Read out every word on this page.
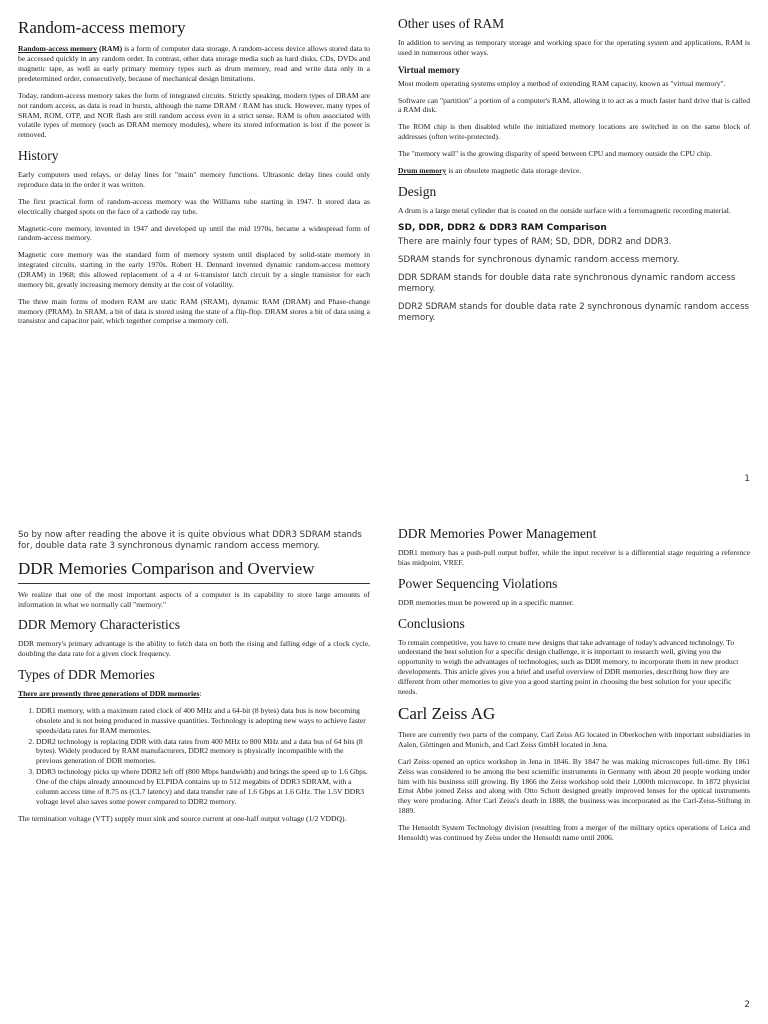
Random-access memory

Random-access memory (RAM) is a form of computer data storage. A random-access device allows stored data to be accessed quickly in any random order. In contrast, other data storage media such as hard disks, CDs, DVDs and magnetic tape, as well as early primary memory types such as drum memory, read and write data only in a predetermined order, consecutively, because of mechanical design limitations.

Today, random-access memory takes the form of integrated circuits. Strictly speaking, modern types of DRAM are not random access, as data is read in bursts, although the name DRAM / RAM has stuck. However, many types of SRAM, ROM, OTP, and NOR flash are still random access even in a strict sense. RAM is often associated with volatile types of memory (such as DRAM memory modules), where its stored information is lost if the power is removed.

History

Early computers used relays, or delay lines for "main" memory functions. Ultrasonic delay lines could only reproduce data in the order it was written.

The first practical form of random-access memory was the Williams tube starting in 1947. It stored data as electrically charged spots on the face of a cathode ray tube.

Magnetic-core memory, invented in 1947 and developed up until the mid 1970s, became a widespread form of random-access memory.

Magnetic core memory was the standard form of memory system until displaced by solid-state memory in integrated circuits, starting in the early 1970s. Robert H. Dennard invented dynamic random-access memory (DRAM) in 1968; this allowed replacement of a 4 or 6-transistor latch circuit by a single transistor for each memory bit, greatly increasing memory density at the cost of volatility.

The three main forms of modern RAM are static RAM (SRAM), dynamic RAM (DRAM) and Phase-change memory (PRAM). In SRAM, a bit of data is stored using the state of a flip-flop. DRAM stores a bit of data using a transistor and capacitor pair, which together comprise a memory cell.

Other uses of RAM

In addition to serving as temporary storage and working space for the operating system and applications, RAM is used in numerous other ways.

Virtual memory

Most modern operating systems employ a method of extending RAM capacity, known as "virtual memory".

Software can "partition" a portion of a computer's RAM, allowing it to act as a much faster hard drive that is called a RAM disk.

The ROM chip is then disabled while the initialized memory locations are switched in on the same block of addresses (often write-protected).

The "memory wall" is the growing disparity of speed between CPU and memory outside the CPU chip.

Drum memory is an obsolete magnetic data storage device.

Design

A drum is a large metal cylinder that is coated on the outside surface with a ferromagnetic recording material.

SD, DDR, DDR2 & DDR3 RAM Comparison

There are mainly four types of RAM; SD, DDR, DDR2 and DDR3.

SDRAM stands for synchronous dynamic random access memory.

DDR SDRAM stands for double data rate synchronous dynamic random access memory.

DDR2 SDRAM stands for double data rate 2 synchronous dynamic random access memory.

1

So by now after reading the above it is quite obvious what DDR3 SDRAM stands for, double data rate 3 synchronous dynamic random access memory.

DDR Memories Comparison and Overview

We realize that one of the most important aspects of a computer is its capability to store large amounts of information in what we normally call "memory."

DDR Memory Characteristics

DDR memory's primary advantage is the ability to fetch data on both the rising and falling edge of a clock cycle, doubling the data rate for a given clock frequency.

Types of DDR Memories

There are presently three generations of DDR memories:

1. DDR1 memory, with a maximum rated clock of 400 MHz and a 64-bit (8 bytes) data bus is now becoming obsolete and is not being produced in massive quantities. Technology is adopting new ways to achieve faster speeds/data rates for RAM memories.
2. DDR2 technology is replacing DDR with data rates from 400 MHz to 800 MHz and a data bus of 64 bits (8 bytes). Widely produced by RAM manufacturers, DDR2 memory is physically incompatible with the previous generation of DDR memories.
3. DDR3 technology picks up where DDR2 left off (800 Mbps bandwidth) and brings the speed up to 1.6 Gbps. One of the chips already announced by ELPIDA contains up to 512 megabits of DDR3 SDRAM, with a column access time of 8.75 ns (CL7 latency) and data transfer rate of 1.6 Gbps at 1.6 GHz. The 1.5V DDR3 voltage level also saves some power compared to DDR2 memory.

The termination voltage (VTT) supply must sink and source current at one-half output voltage (1/2 VDDQ).

DDR Memories Power Management

DDR1 memory has a push-pull output buffer, while the input receiver is a differential stage requiring a reference bias midpoint, VREF.

Power Sequencing Violations

DDR memories must be powered up in a specific manner.

Conclusions

To remain competitive, you have to create new designs that take advantage of today's advanced technology. To understand the best solution for a specific design challenge, it is important to research well, giving you the opportunity to weigh the advantages of technologies, such as DDR memory, to incorporate them in new product developments. This article gives you a brief and useful overview of DDR memories, describing how they are different from other memories to give you a good starting point in choosing the best solution for your specific needs.

Carl Zeiss AG

There are currently two parts of the company, Carl Zeiss AG located in Oberkochen with important subsidiaries in Aalen, Göttingen and Munich, and Carl Zeiss GmbH located in Jena.

Carl Zeiss opened an optics workshop in Jena in 1846. By 1847 he was making microscopes full-time. By 1861 Zeiss was considered to be among the best scientific instruments in Germany with about 20 people working under him with his business still growing. By 1866 the Zeiss workshop sold their 1,000th microscope. In 1872 physicist Ernst Abbe joined Zeiss and along with Otto Schott designed greatly improved lenses for the optical instruments they were producing. After Carl Zeiss's death in 1888, the business was incorporated as the Carl-Zeiss-Stiftung in 1889.

The Hensoldt System Technology division (resulting from a merger of the military optics operations of Leica and Hensoldt) was continued by Zeiss under the Hensoldt name until 2006.

2
